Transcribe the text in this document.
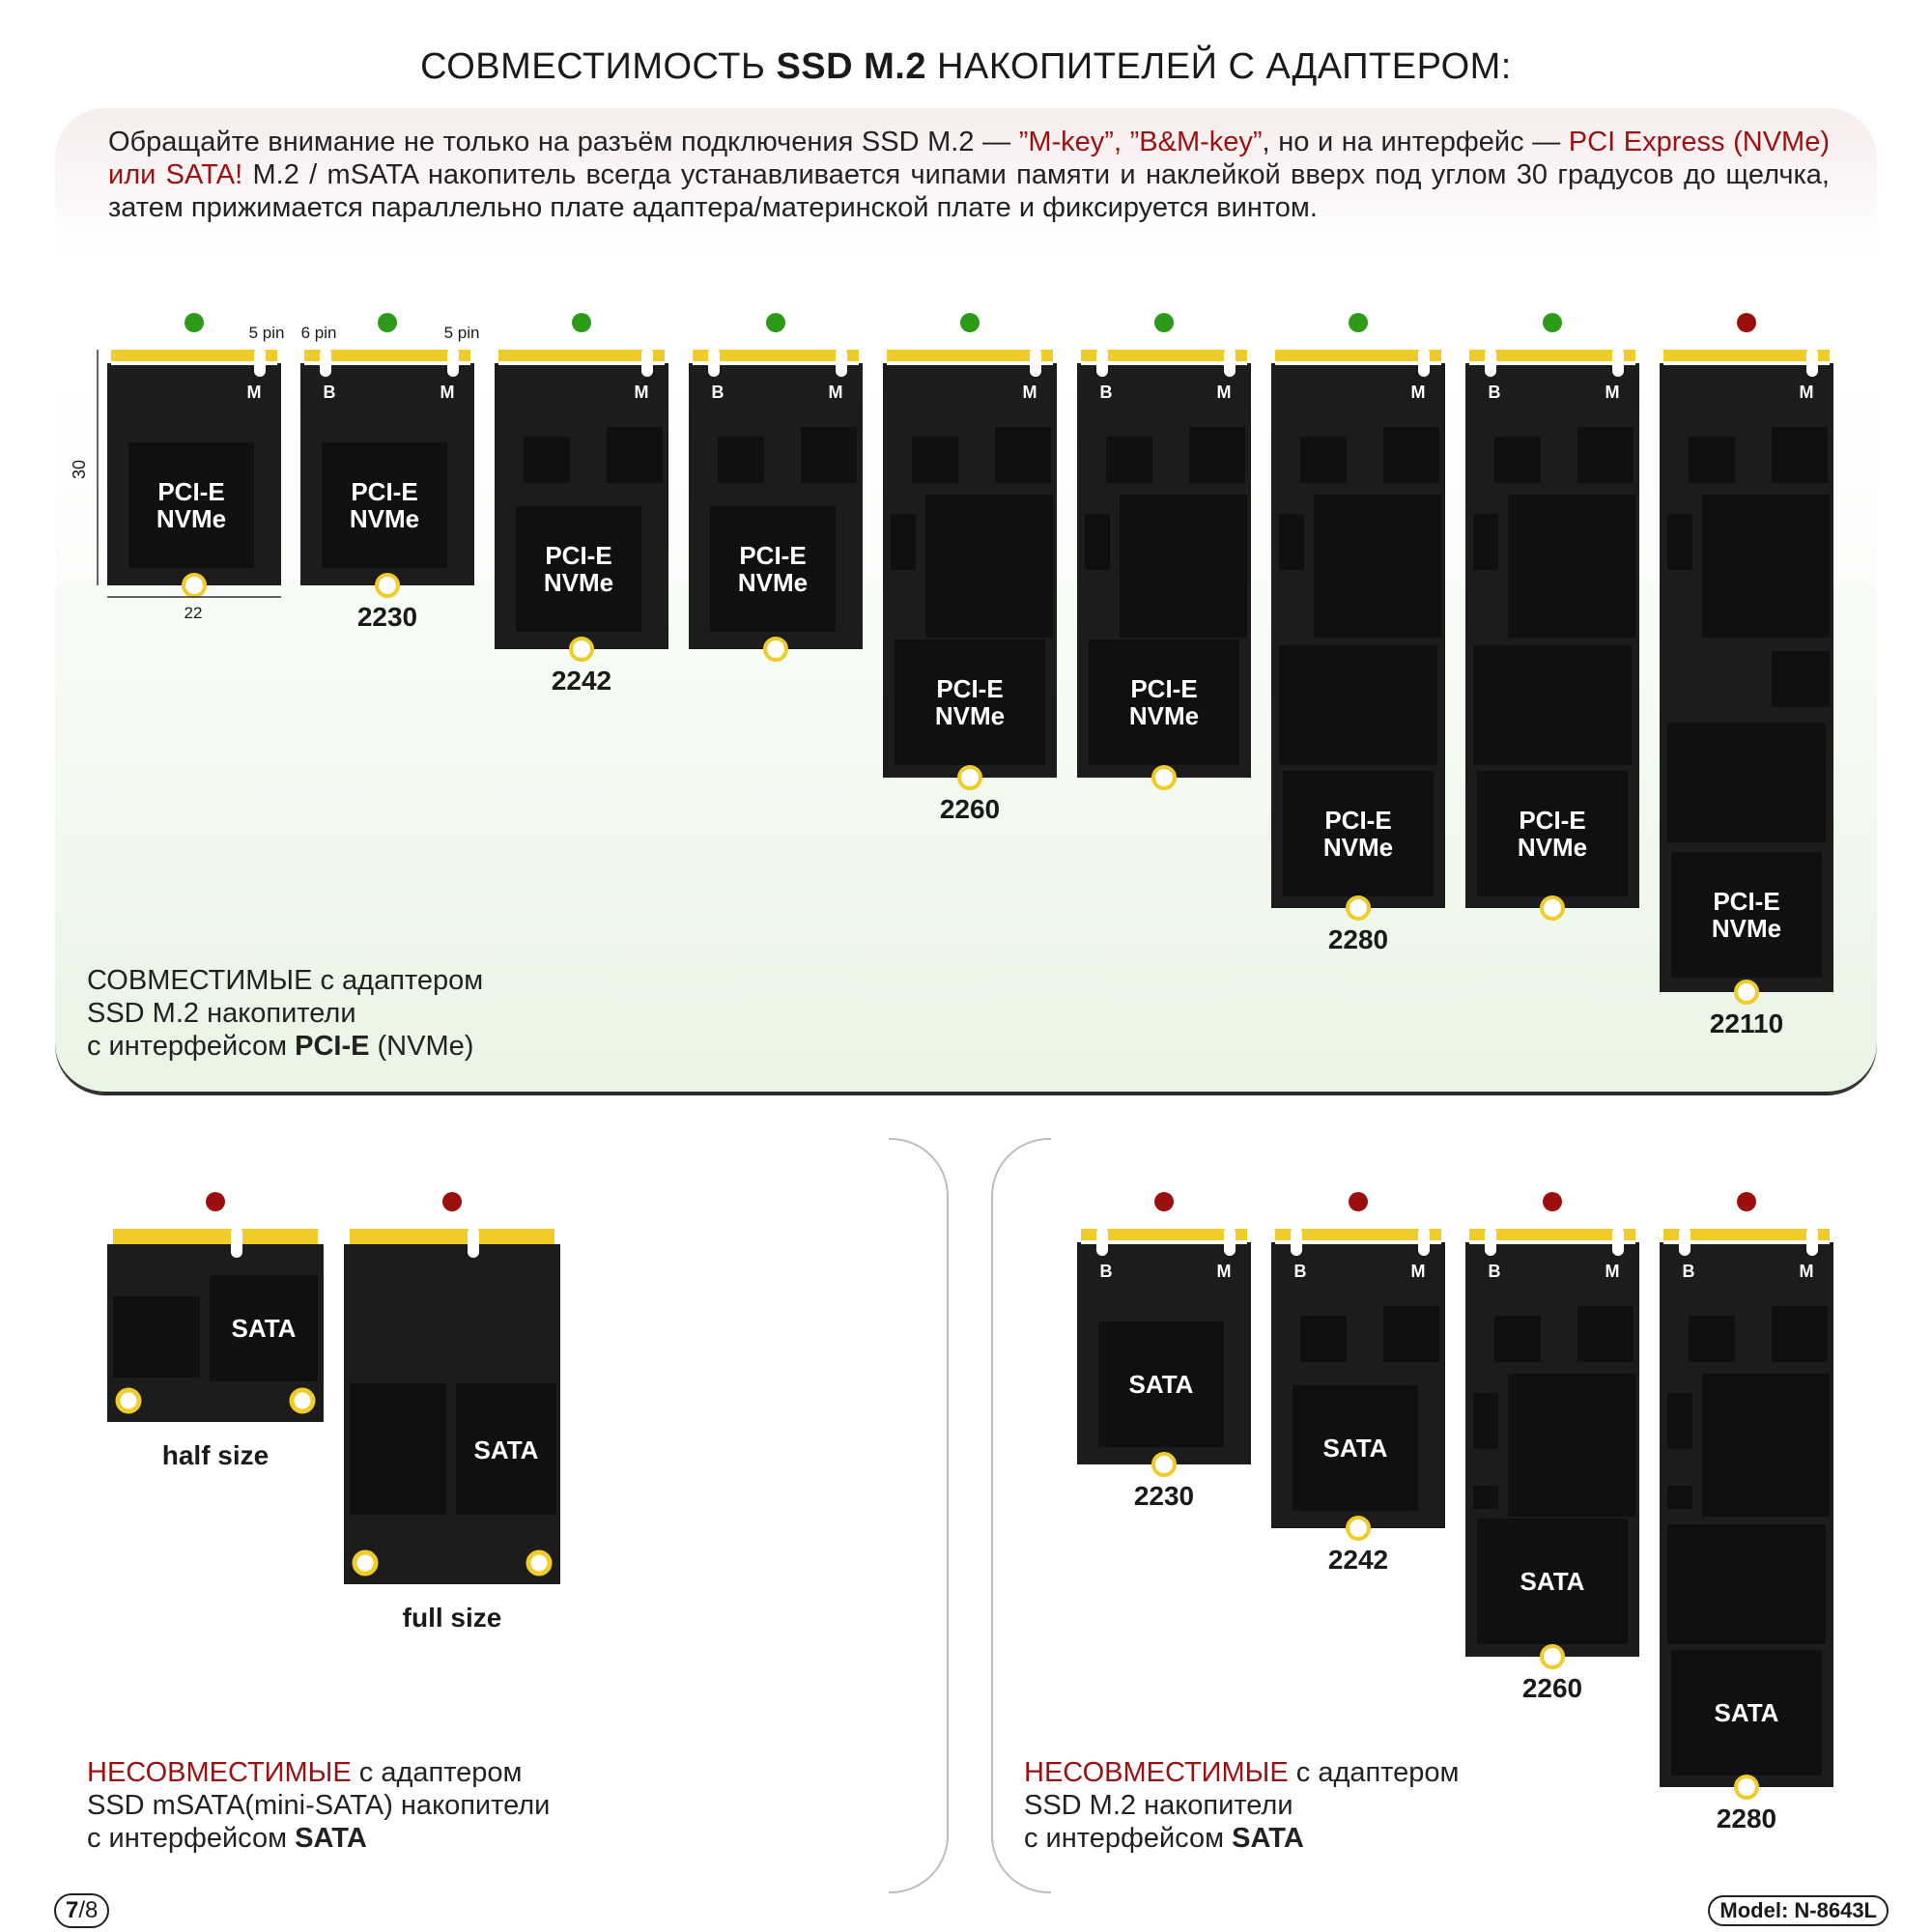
СОВМЕСТИМОСТЬ SSD M.2 НАКОПИТЕЛЕЙ С АДАПТЕРОМ:
Обращайте внимание не только на разъём подключения SSD M.2 — ”M-key”, ”B&M-key”, но и на интерфейс — PCI Express (NVMe) или SATA! M.2 / mSATA накопитель всегда устанавливается чипами памяти и наклейкой вверх под углом 30 градусов до щелчка, затем прижимается параллельно плате адаптера/материнской плате и фиксируется винтом.
M
PCI-E
NVMe
B	M
PCI-E
NVMe
2230
M
PCI-E
NVMe
2242
B	M
PCI-E
NVMe
M
PCI-E
NVMe
2260
B	M
PCI-E
NVMe
M
PCI-E
NVMe
2280
B	M
PCI-E
NVMe
M
PCI-E
NVMe
22110
5 pin 6 pin	5 pin
30
22
SATA
half size	SATA
full size
B	M
SATA
2230
B	M
SATA
2242
B	M
SATA
2260
B	M
SATA
2280
СОВМЕСТИМЫЕ с адаптером
SSD M.2 накопители
с интерфейсом PCI-E (NVMe)
НЕСОВМЕСТИМЫЕ с адаптером
SSD mSATA(mini-SATA) накопители
с интерфейсом SATA
НЕСОВМЕСТИМЫЕ с адаптером
SSD M.2 накопители
с интерфейсом SATA
7/8	Model: N-8643L
